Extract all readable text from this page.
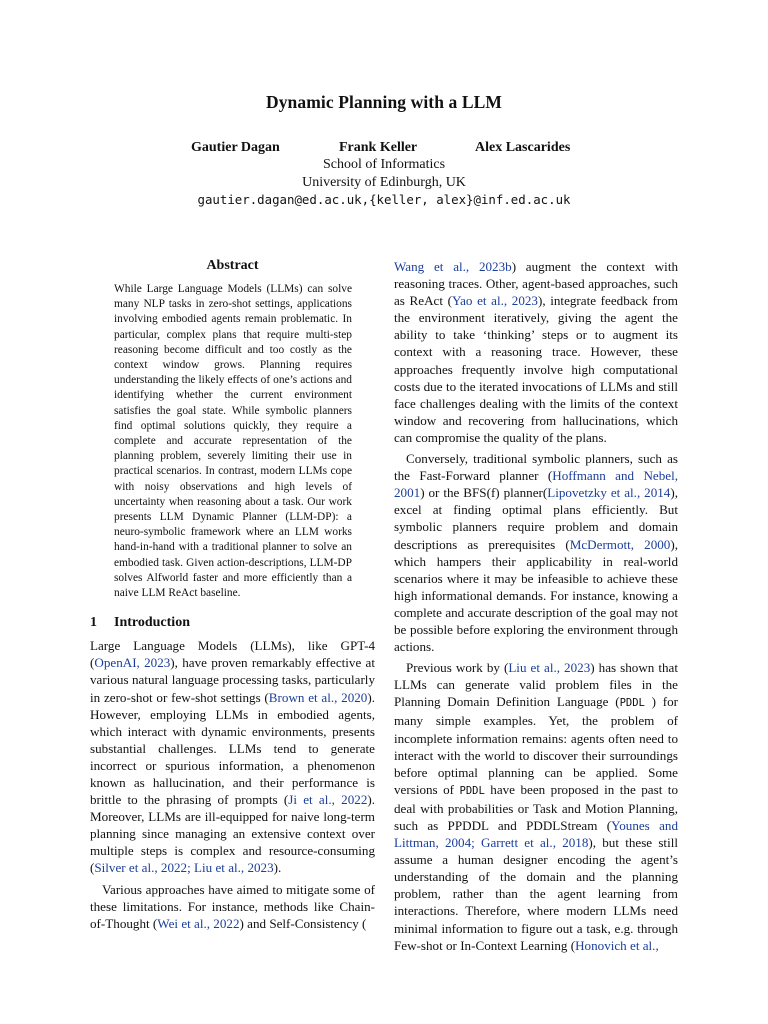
Dynamic Planning with a LLM
Gautier Dagan	Frank Keller	Alex Lascarides
School of Informatics
University of Edinburgh, UK
gautier.dagan@ed.ac.uk,{keller, alex}@inf.ed.ac.uk
Abstract

While Large Language Models (LLMs) can solve many NLP tasks in zero-shot settings, applications involving embodied agents remain problematic. In particular, complex plans that require multi-step reasoning become difficult and too costly as the context window grows. Planning requires understanding the likely effects of one’s actions and identifying whether the current environment satisfies the goal state. While symbolic planners find optimal solutions quickly, they require a complete and accurate representation of the planning problem, severely limiting their use in practical scenarios. In contrast, modern LLMs cope with noisy observations and high levels of uncertainty when reasoning about a task. Our work presents LLM Dynamic Planner (LLM-DP): a neuro-symbolic framework where an LLM works hand-in-hand with a traditional planner to solve an embodied task. Given action-descriptions, LLM-DP solves Alfworld faster and more efficiently than a naive LLM ReAct baseline.

1 Introduction

Large Language Models (LLMs), like GPT-4 (OpenAI, 2023), have proven remarkably effective at various natural language processing tasks, particularly in zero-shot or few-shot settings (Brown et al., 2020). However, employing LLMs in embodied agents, which interact with dynamic environments, presents substantial challenges. LLMs tend to generate incorrect or spurious information, a phenomenon known as hallucination, and their performance is brittle to the phrasing of prompts (Ji et al., 2022). Moreover, LLMs are ill-equipped for naive long-term planning since managing an extensive context over multiple steps is complex and resource-consuming (Silver et al., 2022; Liu et al., 2023).

Various approaches have aimed to mitigate some of these limitations. For instance, methods like Chain-of-Thought (Wei et al., 2022) and Self-Consistency (

Wang et al., 2023b) augment the context with reasoning traces. Other, agent-based approaches, such as ReAct (Yao et al., 2023), integrate feedback from the environment iteratively, giving the agent the ability to take ‘thinking’ steps or to augment its context with a reasoning trace. However, these approaches frequently involve high computational costs due to the iterated invocations of LLMs and still face challenges dealing with the limits of the context window and recovering from hallucinations, which can compromise the quality of the plans.

Conversely, traditional symbolic planners, such as the Fast-Forward planner (Hoffmann and Nebel, 2001) or the BFS(f) planner(Lipovetzky et al., 2014), excel at finding optimal plans efficiently. But symbolic planners require problem and domain descriptions as prerequisites (McDermott, 2000), which hampers their applicability in real-world scenarios where it may be infeasible to achieve these high informational demands. For instance, knowing a complete and accurate description of the goal may not be possible before exploring the environment through actions.

Previous work by (Liu et al., 2023) has shown that LLMs can generate valid problem files in the Planning Domain Definition Language (PDDL ) for many simple examples. Yet, the problem of incomplete information remains: agents often need to interact with the world to discover their surroundings before optimal planning can be applied. Some versions of PDDL have been proposed in the past to deal with probabilities or Task and Motion Planning, such as PPDDL and PDDLStream (Younes and Littman, 2004; Garrett et al., 2018), but these still assume a human designer encoding the agent’s understanding of the domain and the planning problem, rather than the agent learning from interactions. Therefore, where modern LLMs need minimal information to figure out a task, e.g. through Few-shot or In-Context Learning (Honovich et al.,
